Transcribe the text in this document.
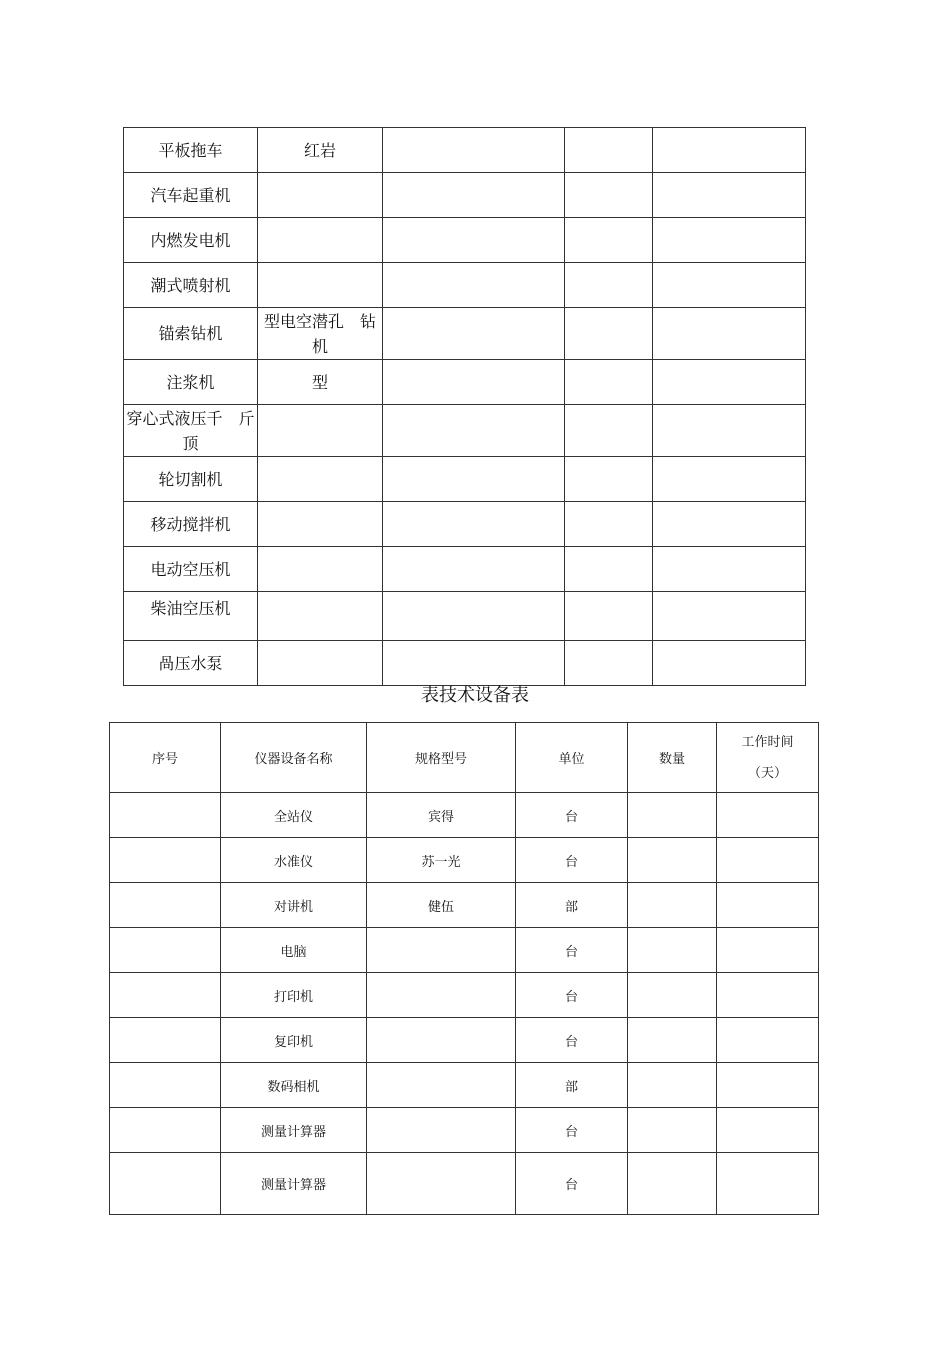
平板拖车	红岩			
汽车起重机				
内燃发电机				
潮式喷射机				
锚索钻机	型电空潜孔　钻
机			

注浆机	型			

穿心式液压千　斤
顶				

轮切割机				
移动搅拌机				
电动空压机				
柴油空压机				
咼压水泵				
表技术设备表
序号	仪器设备名称	规格型号	单位	数量	工作时间
（天）

	全站仪	宾得	台		
	水准仪	苏一光	台		
	对讲机	健伍	部		
	电脑		台		
	打印机		台		
	复印机		台		
	数码相机		部		
	测量计算器		台		
	测量计算器		台		
